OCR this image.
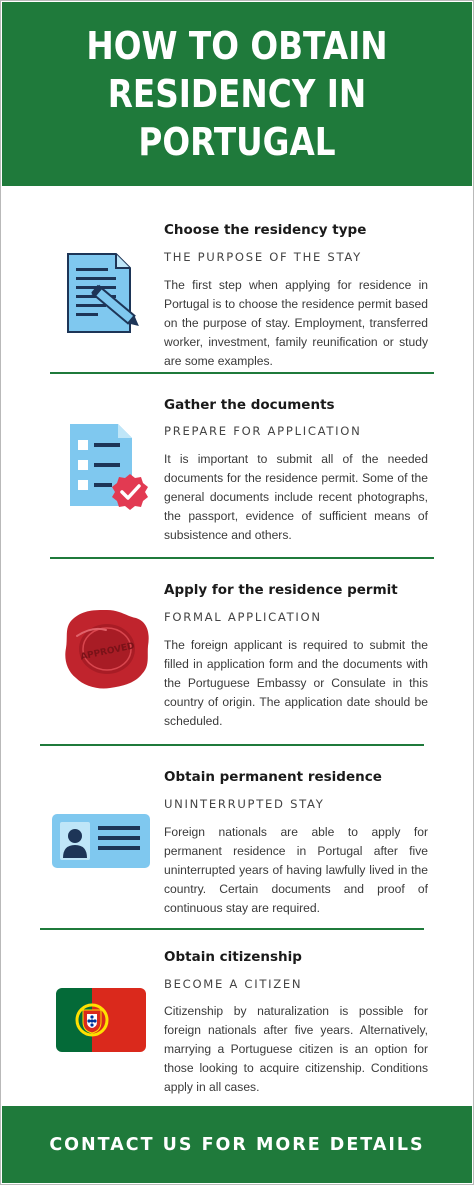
HOW TO OBTAIN
RESIDENCY IN PORTUGAL
Choose the residency type
THE PURPOSE OF THE STAY
The first step when applying for residence in Portugal is to choose the residence permit based on the purpose of stay. Employment, transferred worker, investment, family reunification or study are some examples.
Gather the documents
PREPARE FOR APPLICATION
It is important to submit all of the needed documents for the residence permit. Some of the general documents include recent photographs, the passport, evidence of sufficient means of subsistence and others.
APPROVED
Apply for the residence permit
FORMAL APPLICATION
The foreign applicant is required to submit the filled in application form and the documents with the Portuguese Embassy or Consulate in this country of origin. The application date should be scheduled.
Obtain permanent residence
UNINTERRUPTED STAY
Foreign nationals are able to apply for permanent residence in Portugal after five uninterrupted years of having lawfully lived in the country. Certain documents and proof of continuous stay are required.
Obtain citizenship
BECOME A CITIZEN
Citizenship by naturalization is possible for foreign nationals after five years. Alternatively, marrying a Portuguese citizen is an option for those looking to acquire citizenship. Conditions apply in all cases.
CONTACT US FOR MORE DETAILS
